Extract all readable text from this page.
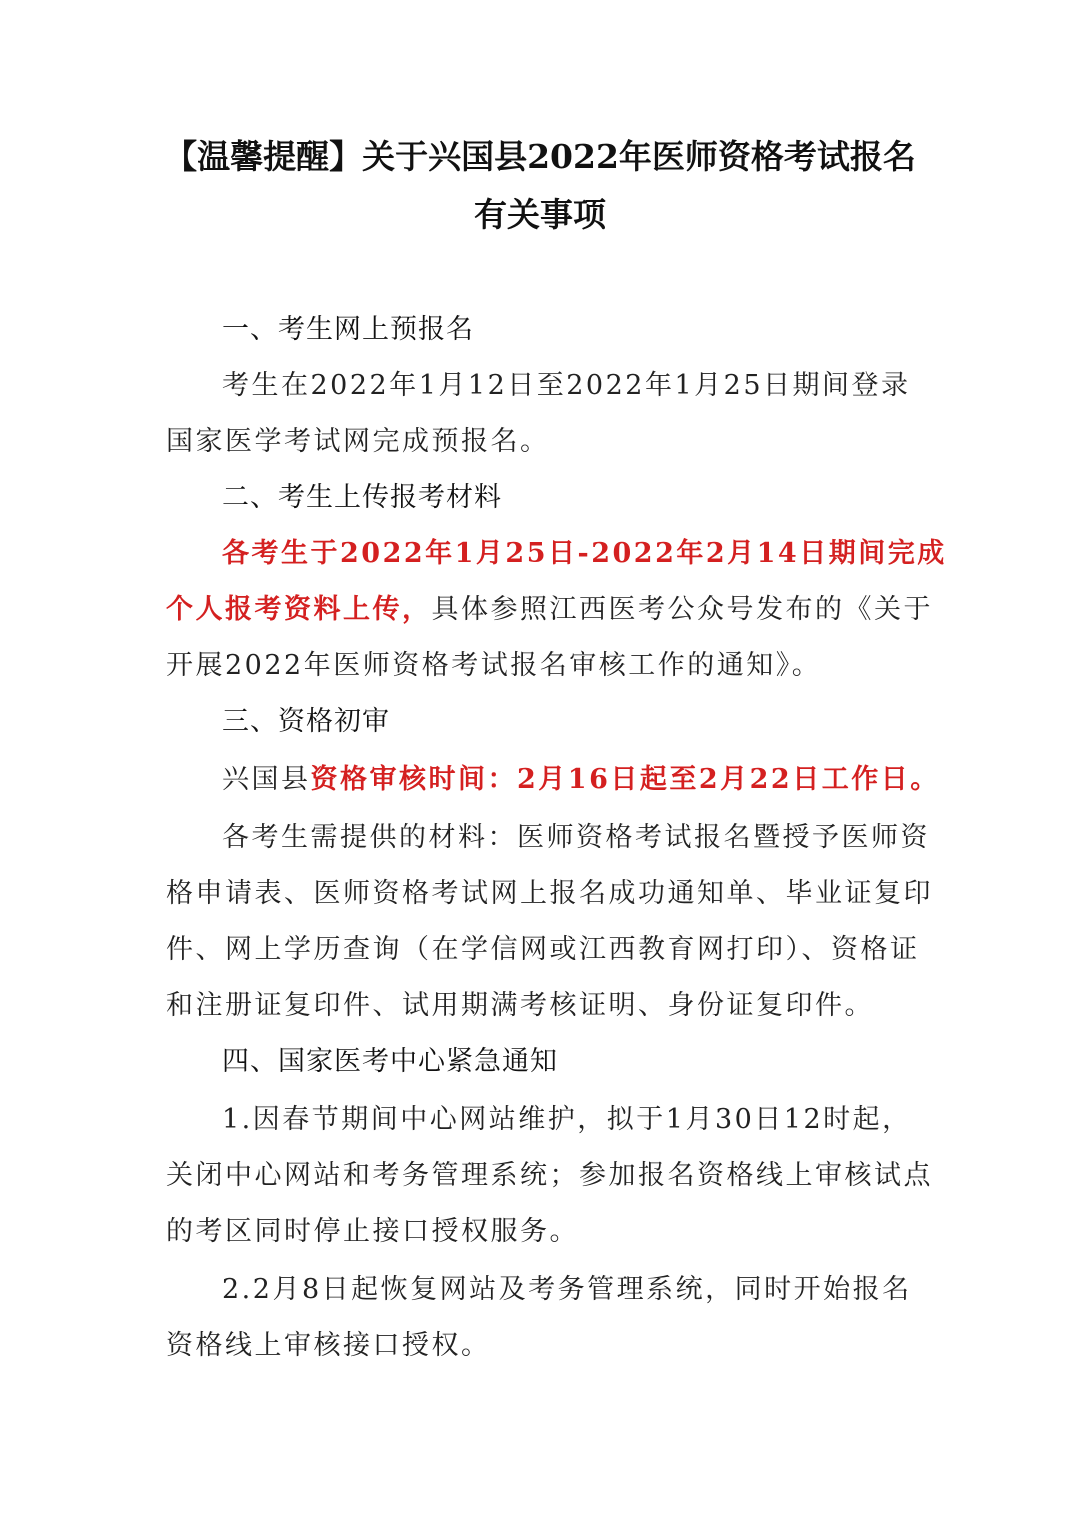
【温馨提醒】关于兴国县2022年医师资格考试报名
有关事项
一、考生网上预报名
考生在2022年1月12日至2022年1月25日期间登录
国家医学考试网完成预报名。
二、考生上传报考材料
各考生于2022年1月25日-2022年2月14日期间完成
个人报考资料上传，具体参照江西医考公众号发布的《关于
开展2022年医师资格考试报名审核工作的通知》。
三、资格初审
兴国县资格审核时间：2月16日起至2月22日工作日。
各考生需提供的材料：医师资格考试报名暨授予医师资
格申请表、医师资格考试网上报名成功通知单、毕业证复印
件、网上学历查询（在学信网或江西教育网打印）、资格证
和注册证复印件、试用期满考核证明、身份证复印件。
四、国家医考中心紧急通知
1.因春节期间中心网站维护，拟于1月30日12时起，
关闭中心网站和考务管理系统；参加报名资格线上审核试点
的考区同时停止接口授权服务。
2.2月8日起恢复网站及考务管理系统，同时开始报名
资格线上审核接口授权。
